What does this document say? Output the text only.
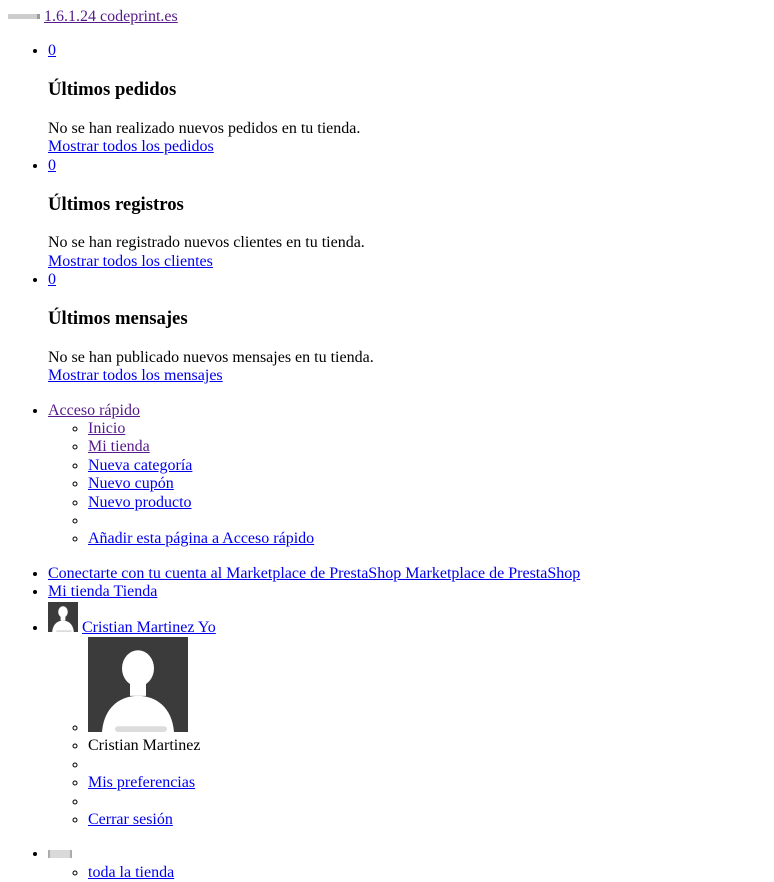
1.6.1.24 codeprint.es
• 0
Últimos pedidos
No se han realizado nuevos pedidos en tu tienda.
Mostrar todos los pedidos
• 0
Últimos registros
No se han registrado nuevos clientes en tu tienda.
Mostrar todos los clientes
• 0
Últimos mensajes
No se han publicado nuevos mensajes en tu tienda.
Mostrar todos los mensajes
• Acceso rápido
◦ Inicio
◦ Mi tienda
◦ Nueva categoría
◦ Nuevo cupón
◦ Nuevo producto
◦ ​
◦ Añadir esta página a Acceso rápido
• Conectarte con tu cuenta al Marketplace de PrestaShop Marketplace de PrestaShop
• Mi tienda Tienda
• Cristian Martinez Yo
◦
◦ Cristian Martinez
◦ ​
◦ Mis preferencias
◦ ​
◦ Cerrar sesión
◦ • toda la tienda
